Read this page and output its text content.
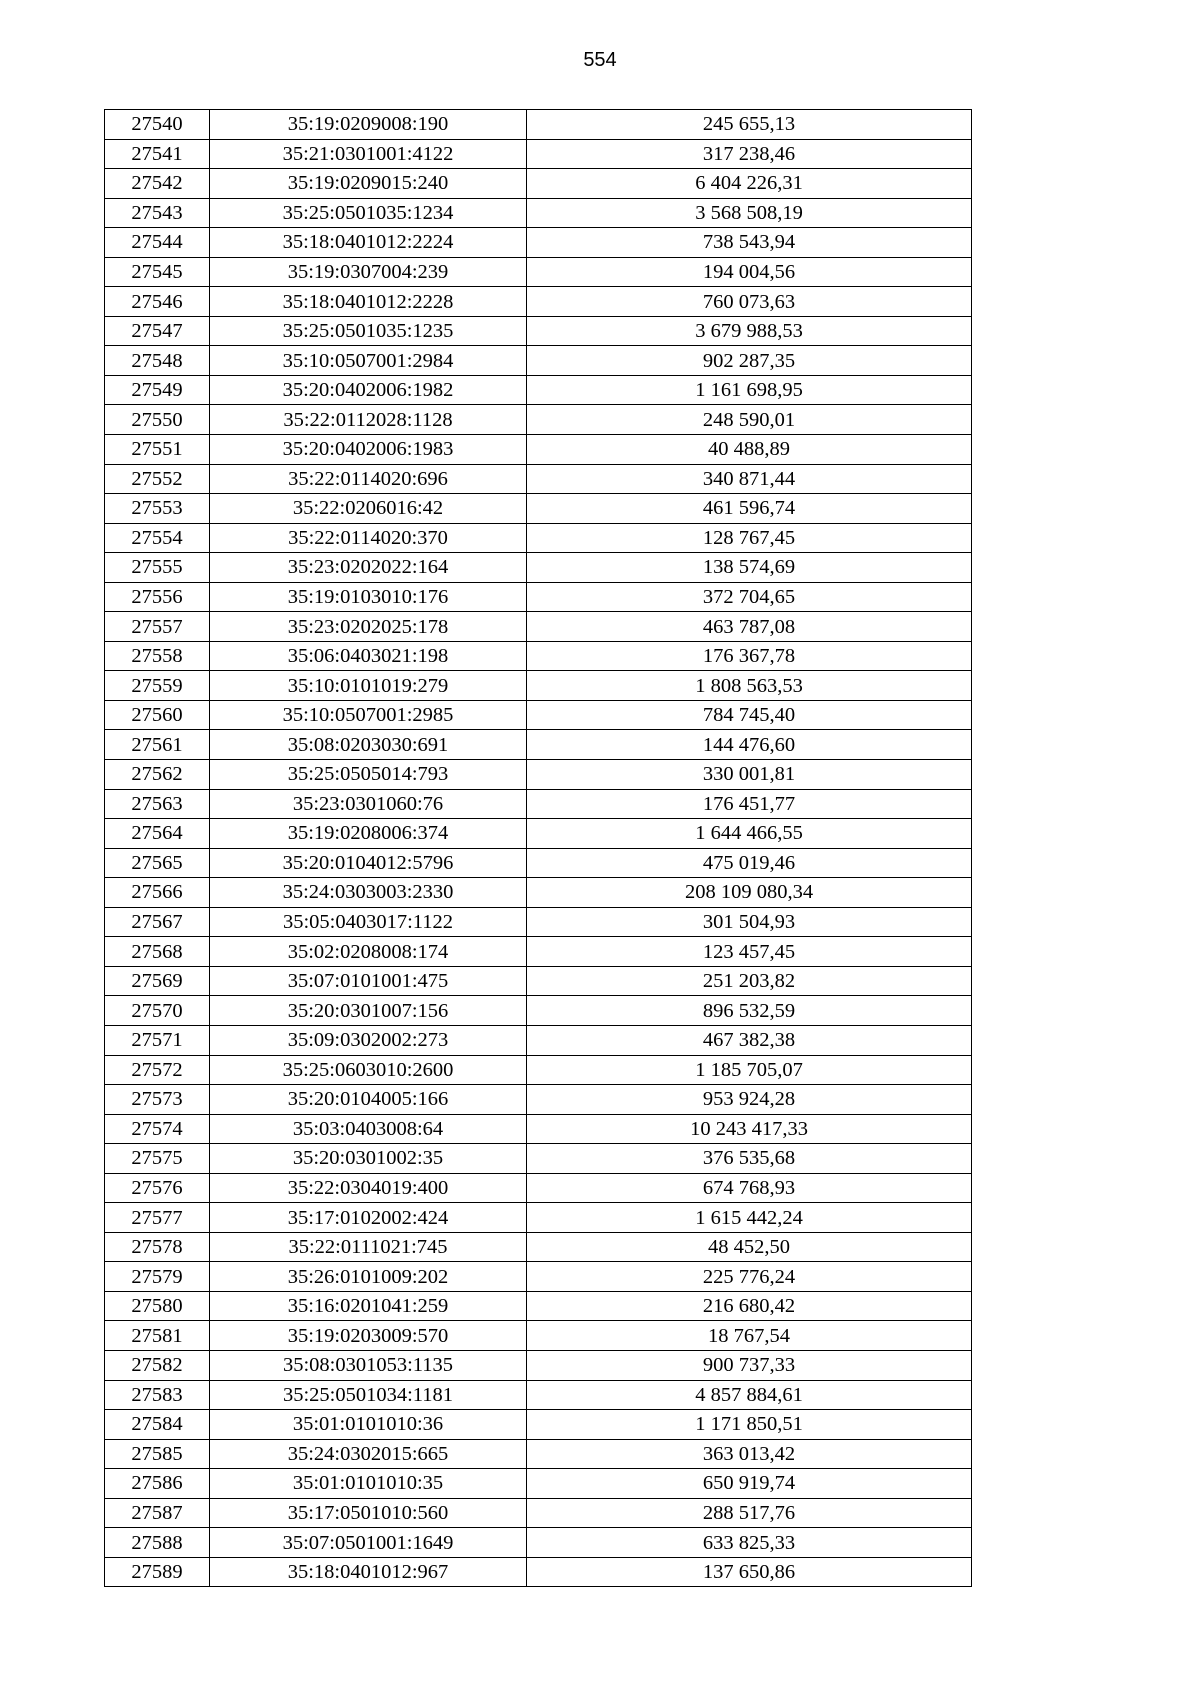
554
27540	35:19:0209008:190	245 655,13
27541	35:21:0301001:4122	317 238,46
27542	35:19:0209015:240	6 404 226,31
27543	35:25:0501035:1234	3 568 508,19
27544	35:18:0401012:2224	738 543,94
27545	35:19:0307004:239	194 004,56
27546	35:18:0401012:2228	760 073,63
27547	35:25:0501035:1235	3 679 988,53
27548	35:10:0507001:2984	902 287,35
27549	35:20:0402006:1982	1 161 698,95
27550	35:22:0112028:1128	248 590,01
27551	35:20:0402006:1983	40 488,89
27552	35:22:0114020:696	340 871,44
27553	35:22:0206016:42	461 596,74
27554	35:22:0114020:370	128 767,45
27555	35:23:0202022:164	138 574,69
27556	35:19:0103010:176	372 704,65
27557	35:23:0202025:178	463 787,08
27558	35:06:0403021:198	176 367,78
27559	35:10:0101019:279	1 808 563,53
27560	35:10:0507001:2985	784 745,40
27561	35:08:0203030:691	144 476,60
27562	35:25:0505014:793	330 001,81
27563	35:23:0301060:76	176 451,77
27564	35:19:0208006:374	1 644 466,55
27565	35:20:0104012:5796	475 019,46
27566	35:24:0303003:2330	208 109 080,34
27567	35:05:0403017:1122	301 504,93
27568	35:02:0208008:174	123 457,45
27569	35:07:0101001:475	251 203,82
27570	35:20:0301007:156	896 532,59
27571	35:09:0302002:273	467 382,38
27572	35:25:0603010:2600	1 185 705,07
27573	35:20:0104005:166	953 924,28
27574	35:03:0403008:64	10 243 417,33
27575	35:20:0301002:35	376 535,68
27576	35:22:0304019:400	674 768,93
27577	35:17:0102002:424	1 615 442,24
27578	35:22:0111021:745	48 452,50
27579	35:26:0101009:202	225 776,24
27580	35:16:0201041:259	216 680,42
27581	35:19:0203009:570	18 767,54
27582	35:08:0301053:1135	900 737,33
27583	35:25:0501034:1181	4 857 884,61
27584	35:01:0101010:36	1 171 850,51
27585	35:24:0302015:665	363 013,42
27586	35:01:0101010:35	650 919,74
27587	35:17:0501010:560	288 517,76
27588	35:07:0501001:1649	633 825,33
27589	35:18:0401012:967	137 650,86
